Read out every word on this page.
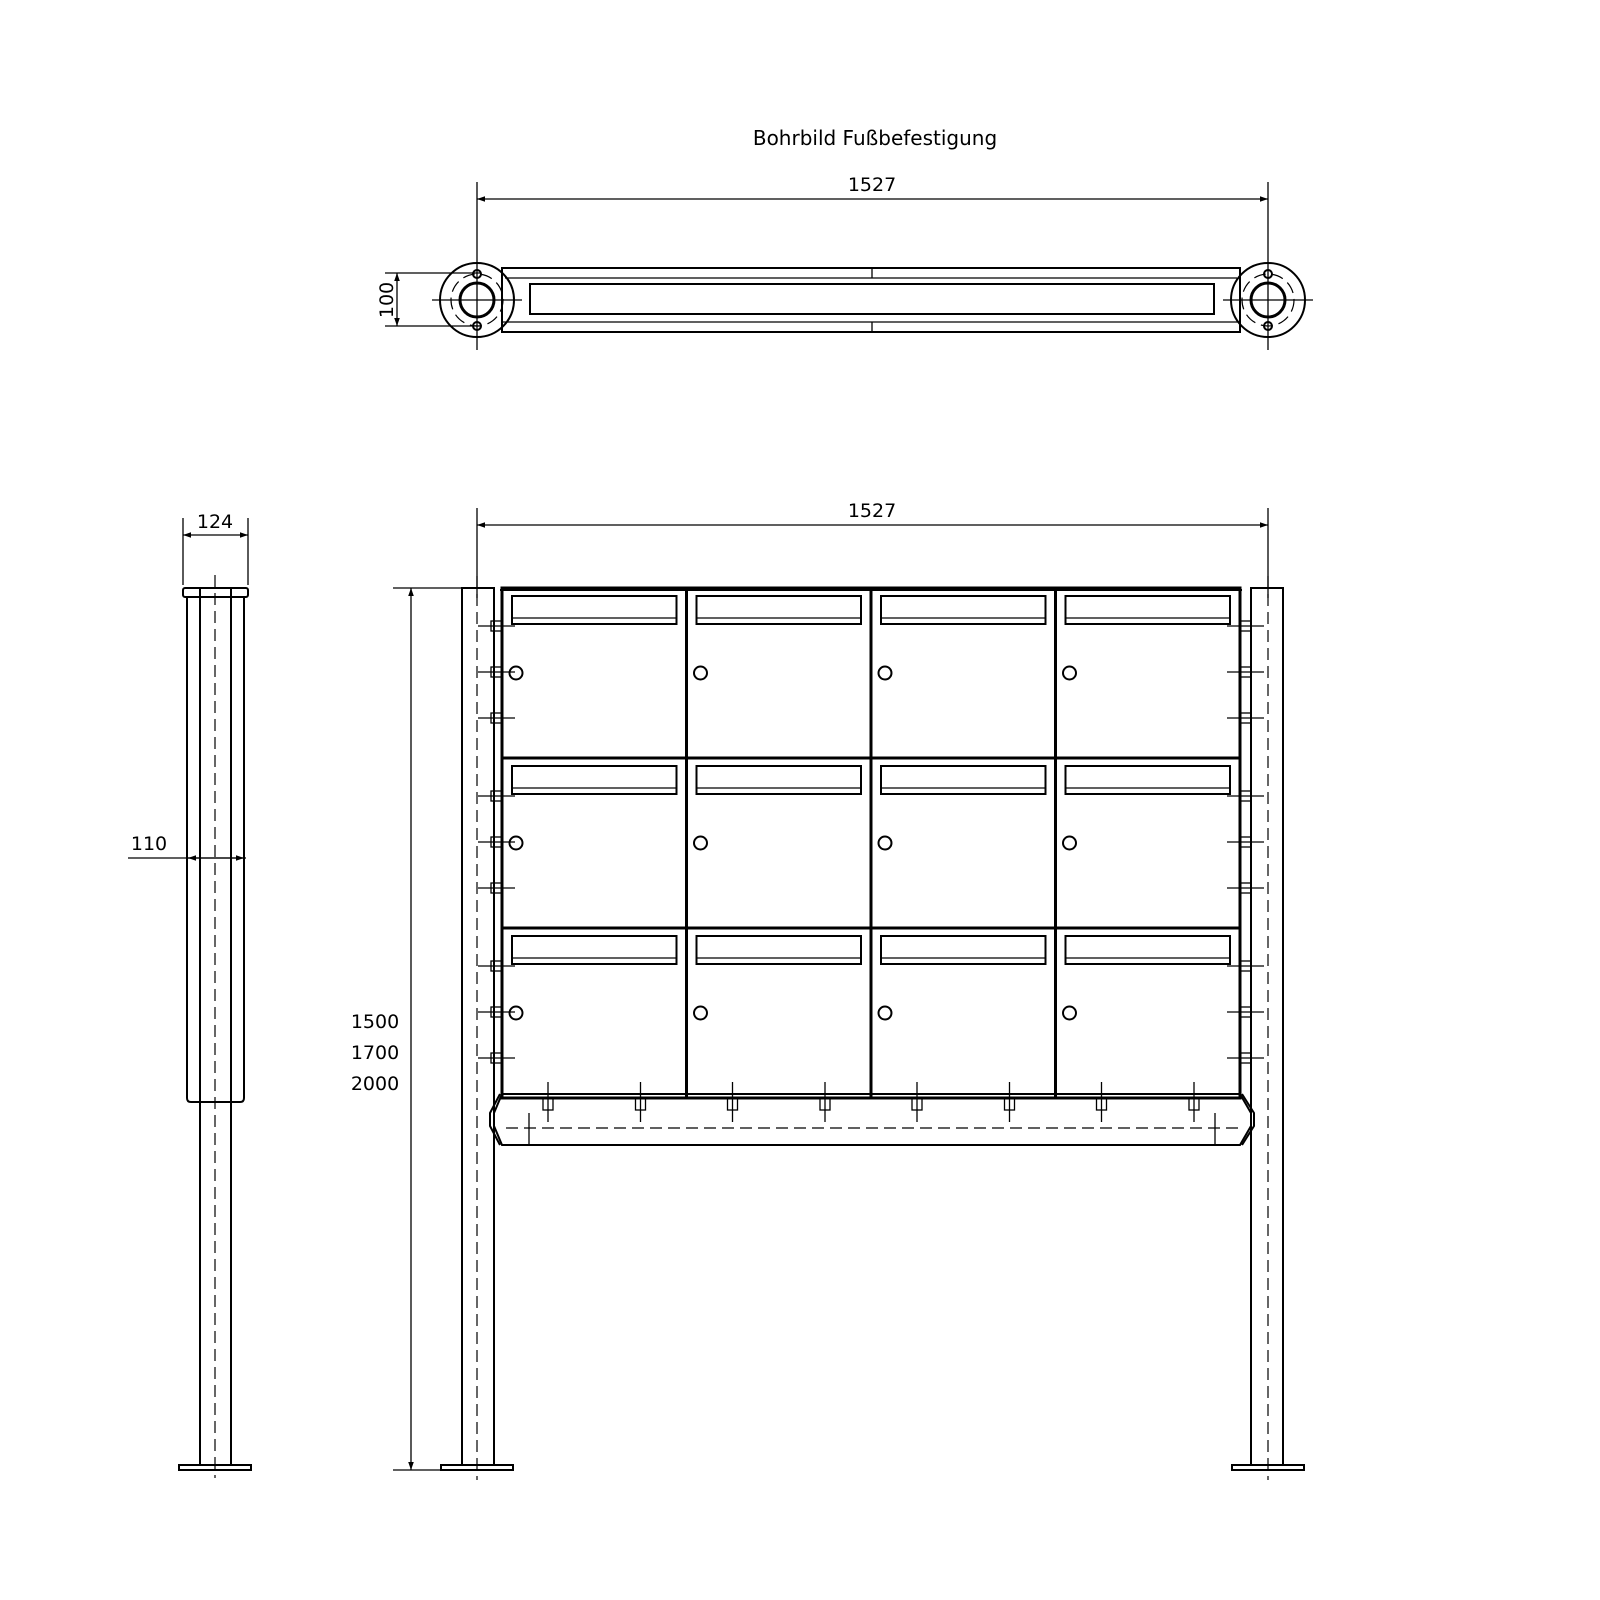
Bohrbild Fußbefestigung
1527
100
124
110
1527
1500
1700
2000
